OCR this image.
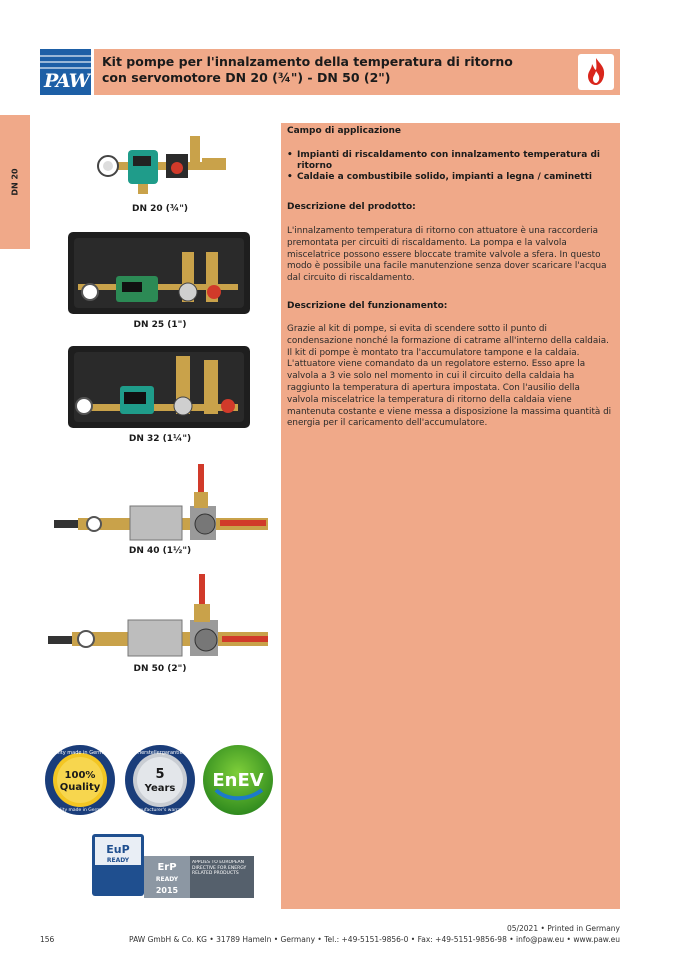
DN 20
PAW
Kit pompe per l'innalzamento della temperatura di ritorno
con servomotore DN 20 (¾") - DN 50 (2")
DN 20 (¾")
DN 25 (1")
DN 32 (1¼")
DN 40 (1½")
DN 50 (2")
Quality made in Germany
100%
Quality
Quality made in Germany
Herstellergarantie
5
Years
manufacturer's warranty
EnEV
EuP
READY
ErP
READY
2015
APPLIES TO EUROPEAN DIRECTIVE FOR ENERGY RELATED PRODUCTS
Campo di applicazione
• Impianti di riscaldamento con innalzamento temperatura di ritorno
• Caldaie a combustibile solido, impianti a legna / caminetti
Descrizione del prodotto:

L'innalzamento temperatura di ritorno con attuatore è una raccorderia premontata per circuiti di riscaldamento. La pompa e la valvola miscelatrice possono essere bloccate tramite valvole a sfera. In questo modo è possibile una facile manutenzione senza dover scaricare l'acqua dal circuito di riscaldamento.

Descrizione del funzionamento:

Grazie al kit di pompe, si evita di scendere sotto il punto di condensazione nonché la formazione di catrame all'interno della caldaia. Il kit di pompe è montato tra l'accumulatore tampone e la caldaia. L'attuatore viene comandato da un regolatore esterno. Esso apre la valvola a 3 vie solo nel momento in cui il circuito della caldaia ha raggiunto la temperatura di apertura impostata. Con l'ausilio della valvola miscelatrice la temperatura di ritorno della caldaia viene mantenuta costante e viene messa a disposizione la massima quantità di energia per il caricamento dell'accumulatore.

156
05/2021 • Printed in Germany
PAW GmbH & Co. KG • 31789 Hameln • Germany • Tel.: +49-5151-9856-0 • Fax: +49-5151-9856-98 • info@paw.eu • www.paw.eu
